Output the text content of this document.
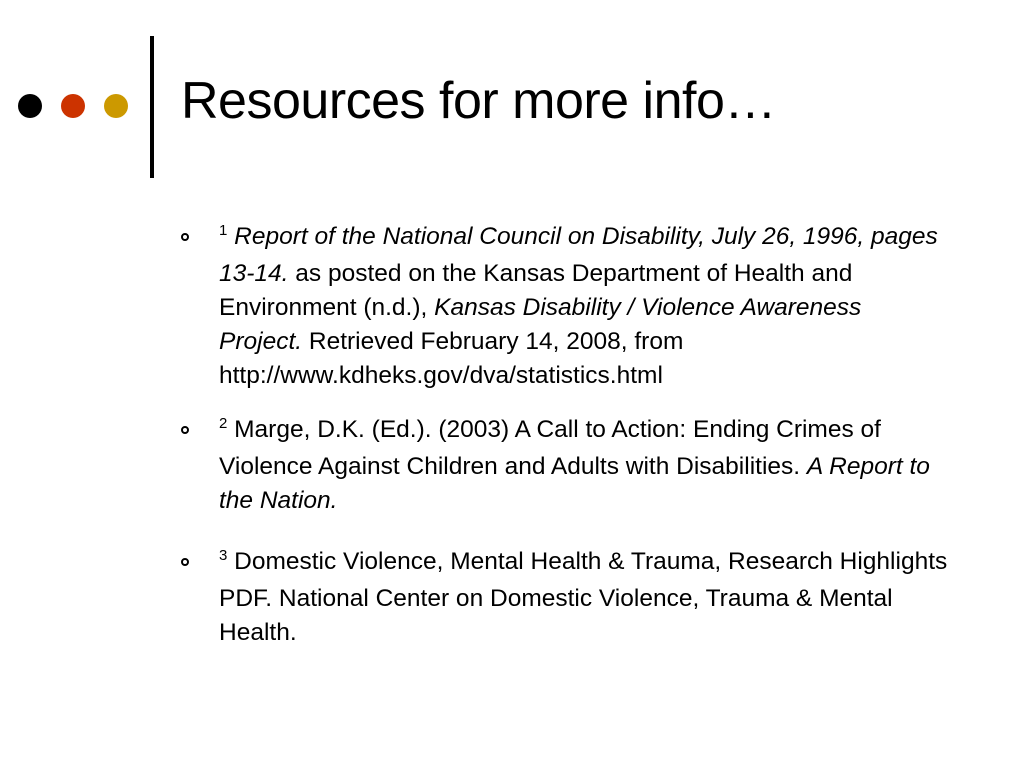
Resources for more info…
$^1$ Report of the National Council on Disability, July 26, 1996, pages 13-14. as posted on the Kansas Department of Health and Environment (n.d.), Kansas Disability / Violence Awareness Project. Retrieved February 14, 2008, from http://www.kdheks.gov/dva/statistics.html
$^2$ Marge, D.K. (Ed.). (2003) A Call to Action: Ending Crimes of Violence Against Children and Adults with Disabilities. A Report to the Nation.
$^3$ Domestic Violence, Mental Health & Trauma, Research Highlights PDF. National Center on Domestic Violence, Trauma & Mental Health.
